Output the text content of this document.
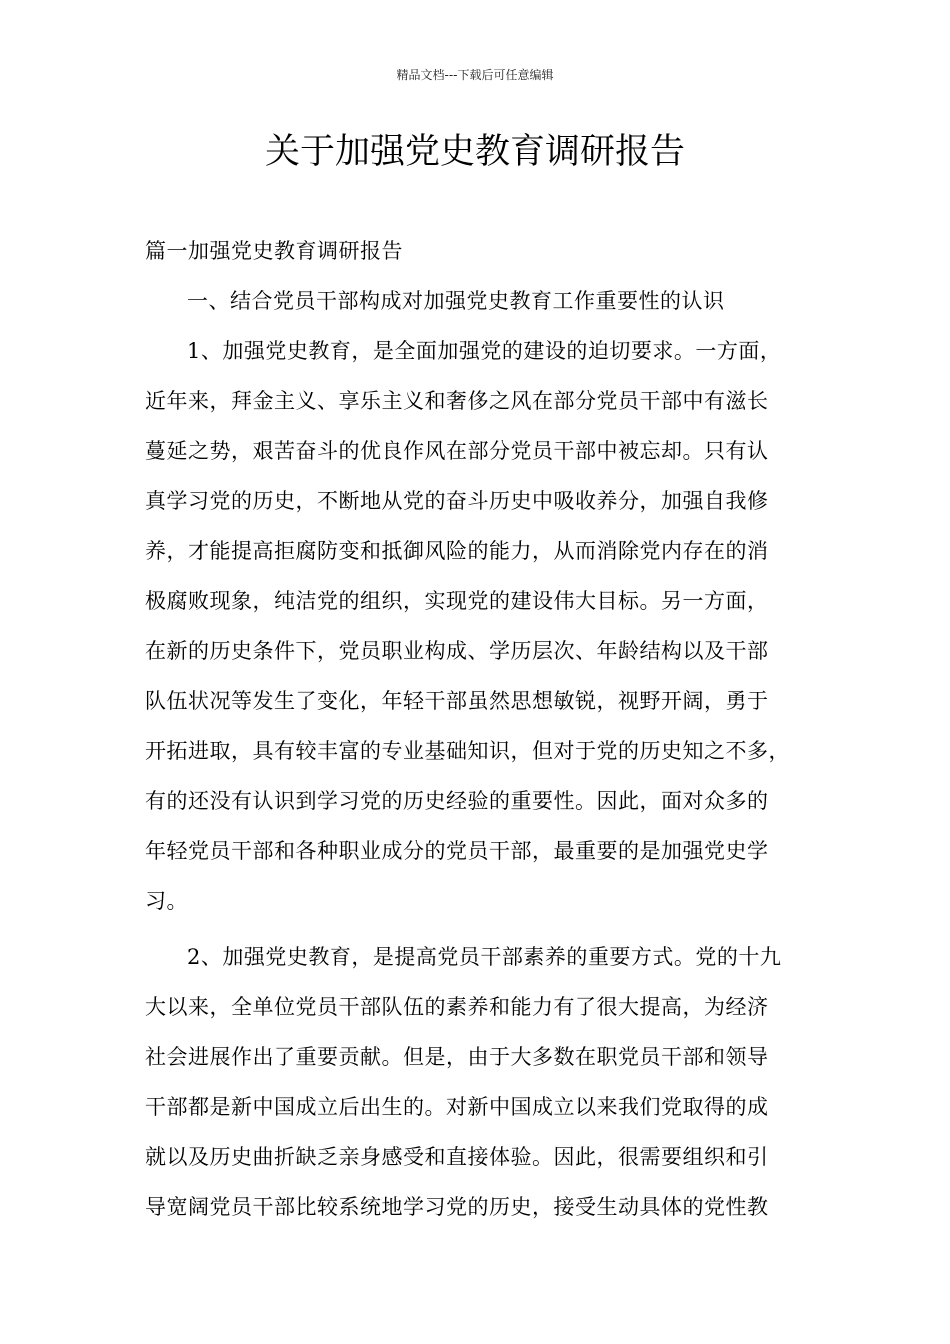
精品文档---下载后可任意编辑
关于加强党史教育调研报告
篇一加强党史教育调研报告
一、结合党员干部构成对加强党史教育工作重要性的认识
1、加强党史教育，是全面加强党的建设的迫切要求。一方面，
近年来，拜金主义、享乐主义和奢侈之风在部分党员干部中有滋长
蔓延之势，艰苦奋斗的优良作风在部分党员干部中被忘却。只有认
真学习党的历史，不断地从党的奋斗历史中吸收养分，加强自我修
养，才能提高拒腐防变和抵御风险的能力，从而消除党内存在的消
极腐败现象，纯洁党的组织，实现党的建设伟大目标。另一方面，
在新的历史条件下，党员职业构成、学历层次、年龄结构以及干部
队伍状况等发生了变化，年轻干部虽然思想敏锐，视野开阔，勇于
开拓进取，具有较丰富的专业基础知识，但对于党的历史知之不多，
有的还没有认识到学习党的历史经验的重要性。因此，面对众多的
年轻党员干部和各种职业成分的党员干部，最重要的是加强党史学
习。
2、加强党史教育，是提高党员干部素养的重要方式。党的十九
大以来，全单位党员干部队伍的素养和能力有了很大提高，为经济
社会进展作出了重要贡献。但是，由于大多数在职党员干部和领导
干部都是新中国成立后出生的。对新中国成立以来我们党取得的成
就以及历史曲折缺乏亲身感受和直接体验。因此，很需要组织和引
导宽阔党员干部比较系统地学习党的历史，接受生动具体的党性教
